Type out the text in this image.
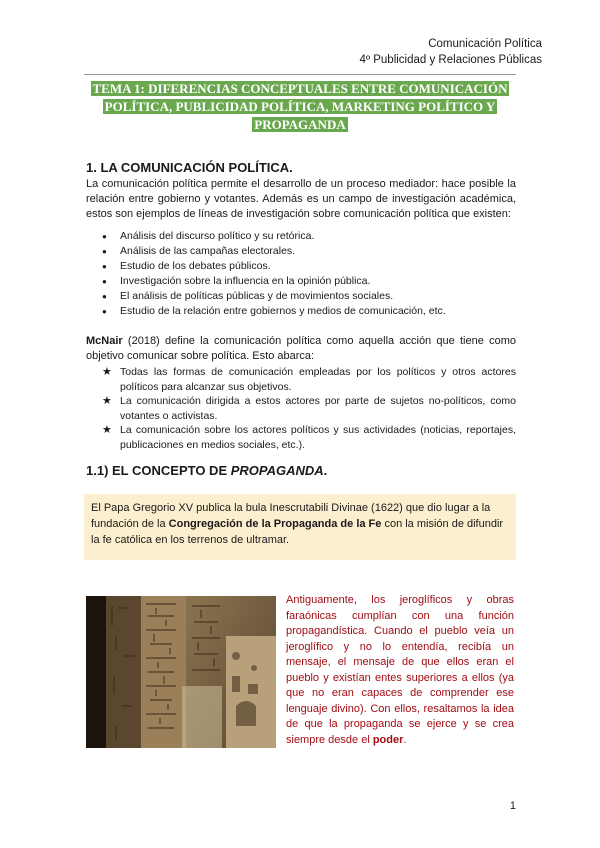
Comunicación Política
4º Publicidad y Relaciones Públicas
TEMA 1: DIFERENCIAS CONCEPTUALES ENTRE COMUNICACIÓN
POLÍTICA, PUBLICIDAD POLÍTICA, MARKETING POLÍTICO Y
PROPAGANDA
1. LA COMUNICACIÓN POLÍTICA.

La comunicación política permite el desarrollo de un proceso mediador: hace posible la relación entre gobierno y votantes. Además es un campo de investigación académica, estos son ejemplos de líneas de investigación sobre comunicación política que existen:

● Análisis del discurso político y su retórica.
● Análisis de las campañas electorales.
● Estudio de los debates públicos.
● Investigación sobre la influencia en la opinión pública.
● El análisis de políticas públicas y de movimientos sociales.
● Estudio de la relación entre gobiernos y medios de comunicación, etc.

McNair (2018) define la comunicación política como aquella acción que tiene como objetivo comunicar sobre política. Esto abarca:

★ Todas las formas de comunicación empleadas por los políticos y otros actores políticos para alcanzar sus objetivos.
★ La comunicación dirigida a estos actores por parte de sujetos no-políticos, como votantes o activistas.
★ La comunicación sobre los actores políticos y sus actividades (noticias, reportajes, publicaciones en medios sociales, etc.).
1.1) EL CONCEPTO DE PROPAGANDA.
El Papa Gregorio XV publica la bula Inescrutabili Divinae (1622) que dio lugar a la fundación de la Congregación de la Propaganda de la Fe con la misión de difundir la fe católica en los terrenos de ultramar.
Antiguamente, los jeroglíficos y obras faraónicas cumplían con una función propagandística. Cuando el pueblo veía un jeroglífico y no lo entendía, recibía un mensaje, el mensaje de que ellos eran el pueblo y existían entes superiores a ellos (ya que no eran capaces de comprender ese lenguaje divino). Con ellos, resaltamos la idea de que la propaganda se ejerce y se crea siempre desde el poder.
1
